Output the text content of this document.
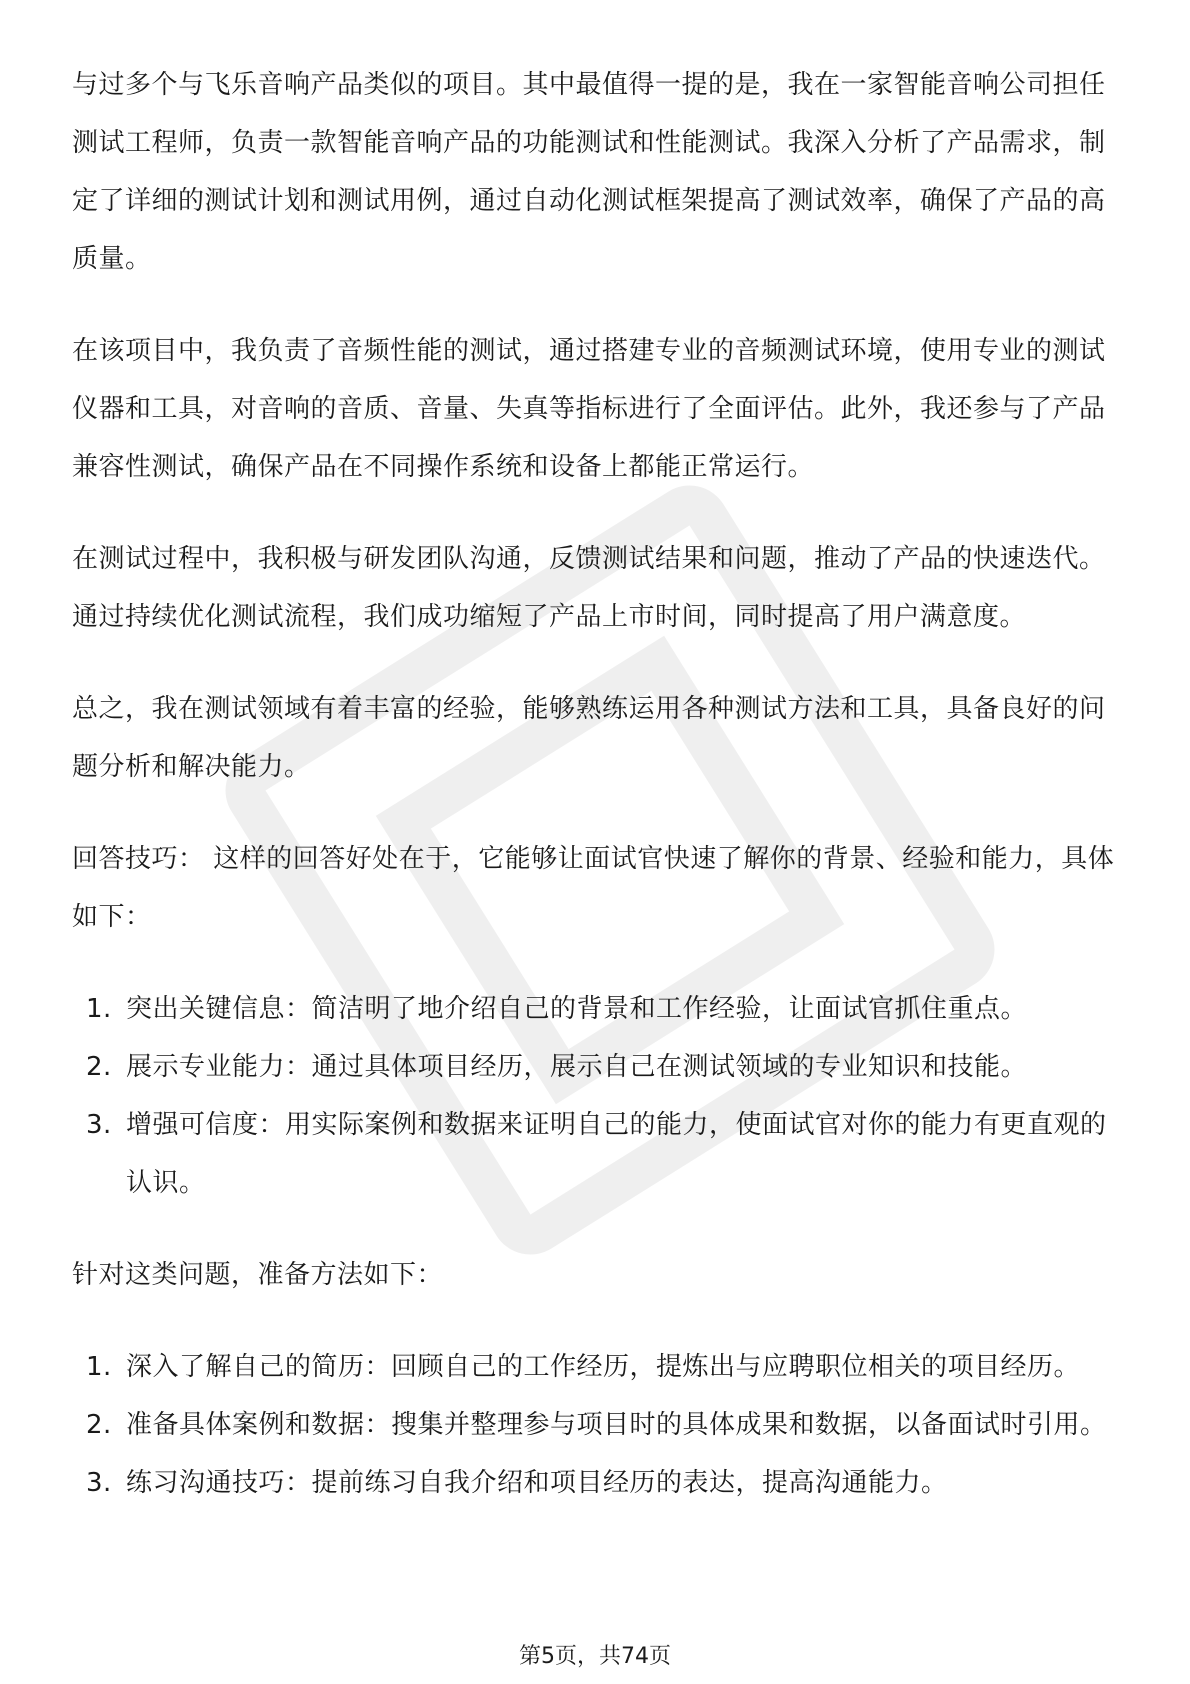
与过多个与飞乐音响产品类似的项目。其中最值得一提的是，我在一家智能音响公司担任测试工程师，负责一款智能音响产品的功能测试和性能测试。我深入分析了产品需求，制定了详细的测试计划和测试用例，通过自动化测试框架提高了测试效率，确保了产品的高质量。

在该项目中，我负责了音频性能的测试，通过搭建专业的音频测试环境，使用专业的测试仪器和工具，对音响的音质、音量、失真等指标进行了全面评估。此外，我还参与了产品兼容性测试，确保产品在不同操作系统和设备上都能正常运行。

在测试过程中，我积极与研发团队沟通，反馈测试结果和问题，推动了产品的快速迭代。通过持续优化测试流程，我们成功缩短了产品上市时间，同时提高了用户满意度。

总之，我在测试领域有着丰富的经验，能够熟练运用各种测试方法和工具，具备良好的问题分析和解决能力。

回答技巧： 这样的回答好处在于，它能够让面试官快速了解你的背景、经验和能力，具体如下：

1. 突出关键信息：简洁明了地介绍自己的背景和工作经验，让面试官抓住重点。
2. 展示专业能力：通过具体项目经历，展示自己在测试领域的专业知识和技能。
3. 增强可信度：用实际案例和数据来证明自己的能力，使面试官对你的能力有更直观的认识。

针对这类问题，准备方法如下：

1. 深入了解自己的简历：回顾自己的工作经历，提炼出与应聘职位相关的项目经历。
2. 准备具体案例和数据：搜集并整理参与项目时的具体成果和数据，以备面试时引用。
3. 练习沟通技巧：提前练习自我介绍和项目经历的表达，提高沟通能力。
第5页，共74页
